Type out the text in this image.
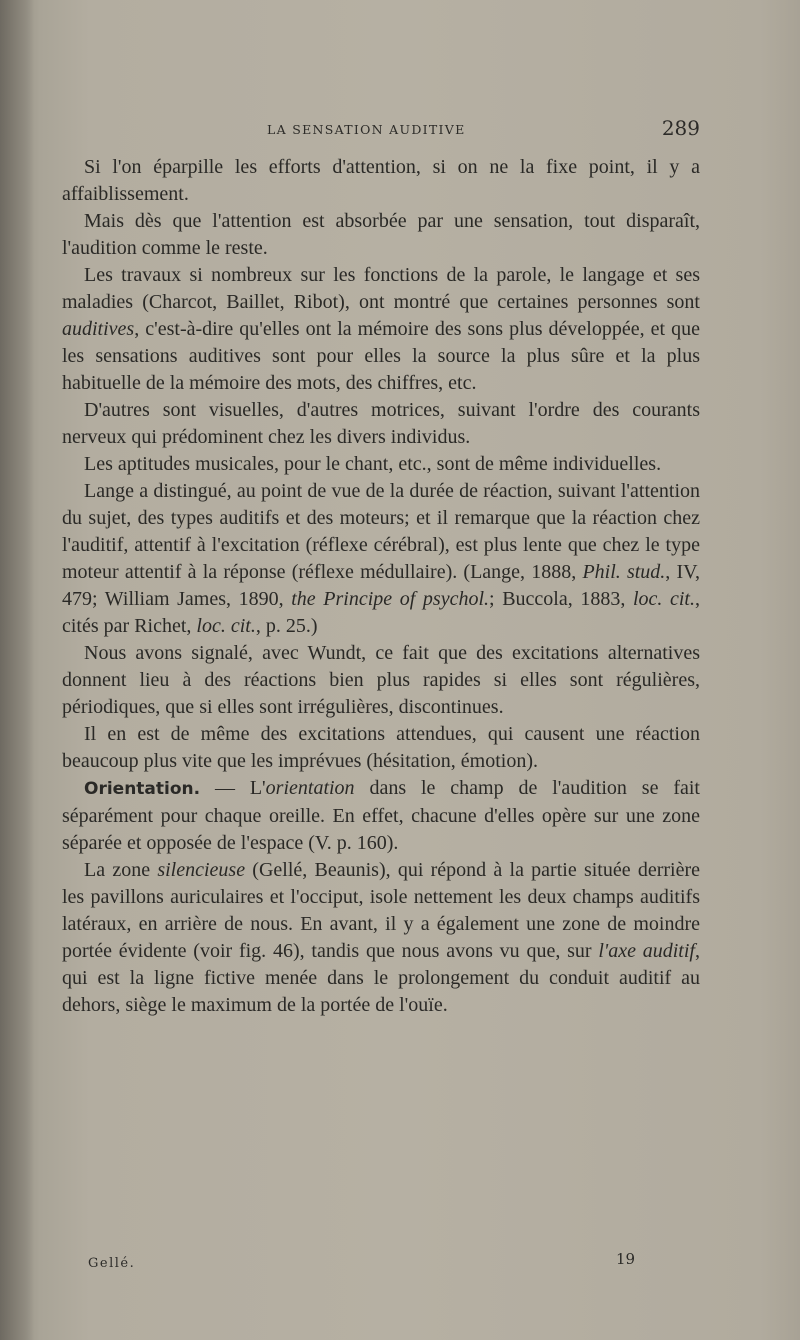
LA SENSATION AUDITIVE	289

Si l'on éparpille les efforts d'attention, si on ne la fixe point, il y a affaiblissement.

Mais dès que l'attention est absorbée par une sensation, tout disparaît, l'audition comme le reste.

Les travaux si nombreux sur les fonctions de la parole, le langage et ses maladies (Charcot, Baillet, Ribot), ont montré que certaines personnes sont auditives, c'est-à-dire qu'elles ont la mémoire des sons plus développée, et que les sensations auditives sont pour elles la source la plus sûre et la plus habituelle de la mémoire des mots, des chiffres, etc.

D'autres sont visuelles, d'autres motrices, suivant l'ordre des courants nerveux qui prédominent chez les divers individus.

Les aptitudes musicales, pour le chant, etc., sont de même individuelles.

Lange a distingué, au point de vue de la durée de réaction, suivant l'attention du sujet, des types auditifs et des moteurs; et il remarque que la réaction chez l'auditif, attentif à l'excitation (réflexe cérébral), est plus lente que chez le type moteur attentif à la réponse (réflexe médullaire). (Lange, 1888, Phil. stud., IV, 479; William James, 1890, the Principe of psychol.; Buccola, 1883, loc. cit., cités par Richet, loc. cit., p. 25.)

Nous avons signalé, avec Wundt, ce fait que des excitations alternatives donnent lieu à des réactions bien plus rapides si elles sont régulières, périodiques, que si elles sont irrégulières, discontinues.

Il en est de même des excitations attendues, qui causent une réaction beaucoup plus vite que les imprévues (hésitation, émotion).

Orientation. — L'orientation dans le champ de l'audition se fait séparément pour chaque oreille. En effet, chacune d'elles opère sur une zone séparée et opposée de l'espace (V. p. 160).

La zone silencieuse (Gellé, Beaunis), qui répond à la partie située derrière les pavillons auriculaires et l'occiput, isole nettement les deux champs auditifs latéraux, en arrière de nous. En avant, il y a également une zone de moindre portée évidente (voir fig. 46), tandis que nous avons vu que, sur l'axe auditif, qui est la ligne fictive menée dans le prolongement du conduit auditif au dehors, siège le maximum de la portée de l'ouïe.

Gellé.	19
